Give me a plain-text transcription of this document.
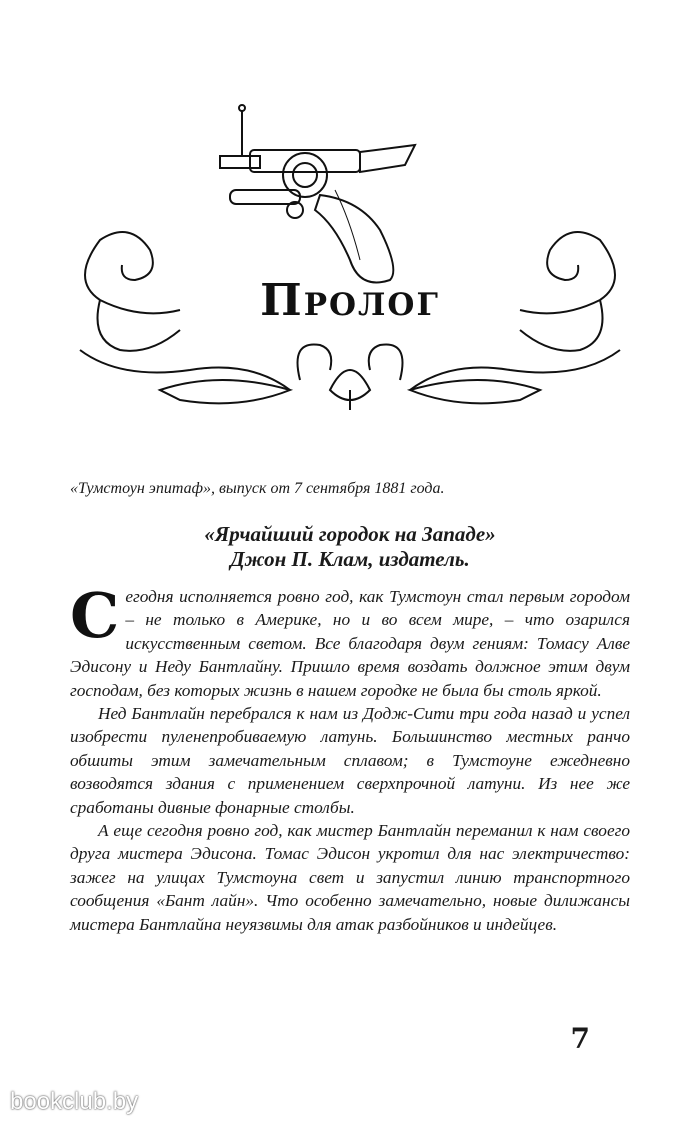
Пролог
«Тумстоун эпитаф», выпуск от 7 сентября 1881 года.
«Ярчайший городок на Западе»
Джон П. Клам, издатель.

Сегодня исполняется ровно год, как Тумстоун стал первым городом – не только в Америке, но и во всем мире, – что озарился искусственным светом. Все благодаря двум гениям: Томасу Алве Эдисону и Неду Бантлайну. Пришло время воздать должное этим двум господам, без которых жизнь в нашем городке не была бы столь яркой.

Нед Бантлайн перебрался к нам из Додж-Сити три года назад и успел изобрести пуленепробиваемую латунь. Большинство местных ранчо обшиты этим замечательным сплавом; в Тумстоуне ежедневно возводятся здания с применением сверхпрочной латуни. Из нее же сработаны дивные фонарные столбы.

А еще сегодня ровно год, как мистер Бантлайн переманил к нам своего друга мистера Эдисона. Томас Эдисон укротил для нас электричество: зажег на улицах Тумстоуна свет и запустил линию транспортного сообщения «Бант лайн». Что особенно замечательно, новые дилижансы мистера Бантлайна неуязвимы для атак разбойников и индейцев.

7
bookclub.by
